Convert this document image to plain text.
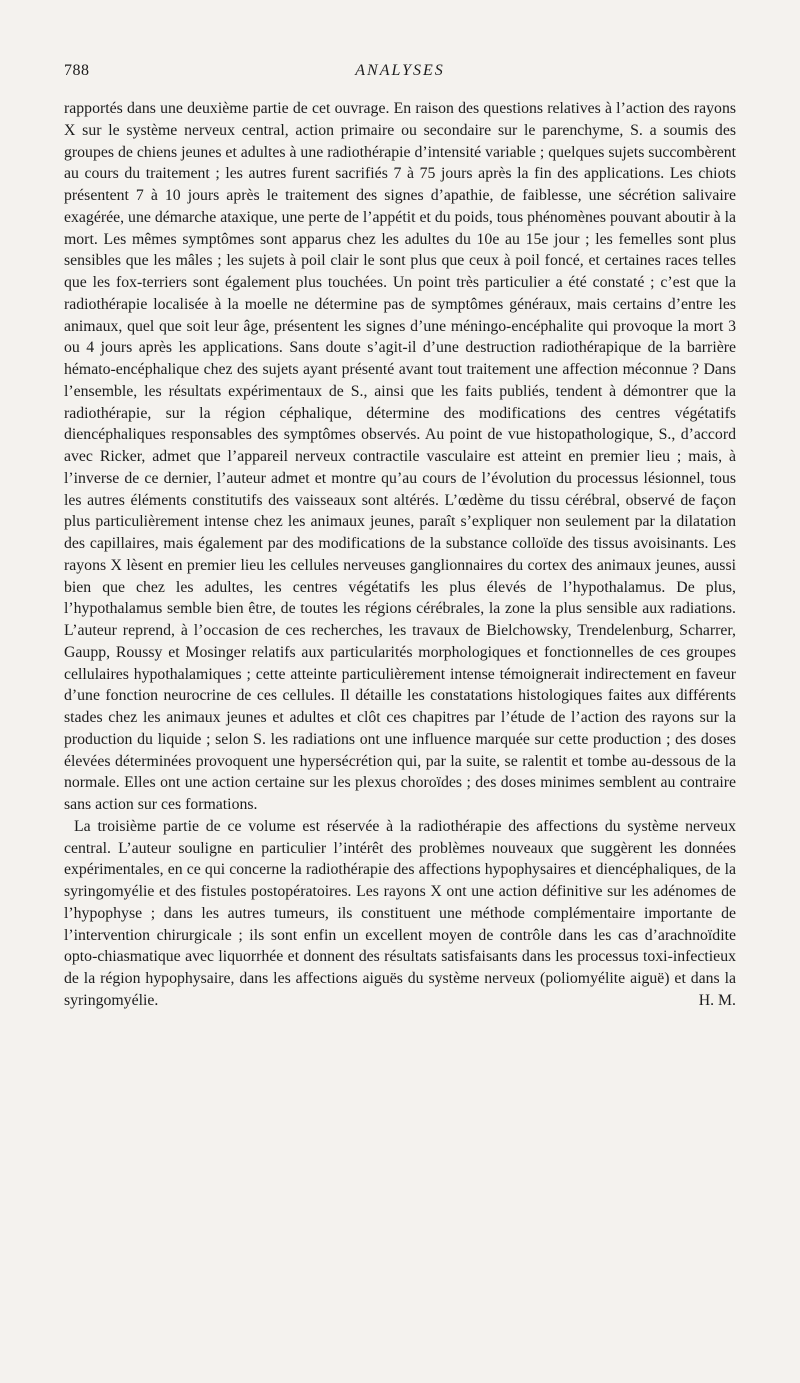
788	ANALYSES

rapportés dans une deuxième partie de cet ouvrage. En raison des questions relatives à l’action des rayons X sur le système nerveux central, action primaire ou secondaire sur le parenchyme, S. a soumis des groupes de chiens jeunes et adultes à une radiothérapie d’intensité variable ; quelques sujets succombèrent au cours du traitement ; les autres furent sacrifiés 7 à 75 jours après la fin des applications. Les chiots présentent 7 à 10 jours après le traitement des signes d’apathie, de faiblesse, une sécrétion salivaire exagérée, une démarche ataxique, une perte de l’appétit et du poids, tous phénomènes pouvant aboutir à la mort. Les mêmes symptômes sont apparus chez les adultes du 10e au 15e jour ; les femelles sont plus sensibles que les mâles ; les sujets à poil clair le sont plus que ceux à poil foncé, et certaines races telles que les fox-terriers sont également plus touchées. Un point très particulier a été constaté ; c’est que la radiothérapie localisée à la moelle ne détermine pas de symptômes généraux, mais certains d’entre les animaux, quel que soit leur âge, présentent les signes d’une méningo-encéphalite qui provoque la mort 3 ou 4 jours après les applications. Sans doute s’agit-il d’une destruction radiothérapique de la barrière hémato-encéphalique chez des sujets ayant présenté avant tout traitement une affection méconnue ? Dans l’ensemble, les résultats expérimentaux de S., ainsi que les faits publiés, tendent à démontrer que la radiothérapie, sur la région céphalique, détermine des modifications des centres végétatifs diencéphaliques responsables des symptômes observés. Au point de vue histopathologique, S., d’accord avec Ricker, admet que l’appareil nerveux contractile vasculaire est atteint en premier lieu ; mais, à l’inverse de ce dernier, l’auteur admet et montre qu’au cours de l’évolution du processus lésionnel, tous les autres éléments constitutifs des vaisseaux sont altérés. L’œdème du tissu cérébral, observé de façon plus particulièrement intense chez les animaux jeunes, paraît s’expliquer non seulement par la dilatation des capillaires, mais également par des modifications de la substance colloïde des tissus avoisinants. Les rayons X lèsent en premier lieu les cellules nerveuses ganglionnaires du cortex des animaux jeunes, aussi bien que chez les adultes, les centres végétatifs les plus élevés de l’hypothalamus. De plus, l’hypothalamus semble bien être, de toutes les régions cérébrales, la zone la plus sensible aux radiations. L’auteur reprend, à l’occasion de ces recherches, les travaux de Bielchowsky, Trendelenburg, Scharrer, Gaupp, Roussy et Mosinger relatifs aux particularités morphologiques et fonctionnelles de ces groupes cellulaires hypothalamiques ; cette atteinte particulièrement intense témoignerait indirectement en faveur d’une fonction neurocrine de ces cellules. Il détaille les constatations histologiques faites aux différents stades chez les animaux jeunes et adultes et clôt ces chapitres par l’étude de l’action des rayons sur la production du liquide ; selon S. les radiations ont une influence marquée sur cette production ; des doses élevées déterminées provoquent une hypersécrétion qui, par la suite, se ralentit et tombe au-dessous de la normale. Elles ont une action certaine sur les plexus choroïdes ; des doses minimes semblent au contraire sans action sur ces formations.

La troisième partie de ce volume est réservée à la radiothérapie des affections du système nerveux central. L’auteur souligne en particulier l’intérêt des problèmes nouveaux que suggèrent les données expérimentales, en ce qui concerne la radiothérapie des affections hypophysaires et diencéphaliques, de la syringomyélie et des fistules postopératoires. Les rayons X ont une action définitive sur les adénomes de l’hypophyse ; dans les autres tumeurs, ils constituent une méthode complémentaire importante de l’intervention chirurgicale ; ils sont enfin un excellent moyen de contrôle dans les cas d’arachnoïdite opto-chiasmatique avec liquorrhée et donnent des résultats satisfaisants dans les processus toxi-infectieux de la région hypophysaire, dans les affections aiguës du système nerveux (poliomyélite aiguë) et dans la syringomyélie.	H. M.
